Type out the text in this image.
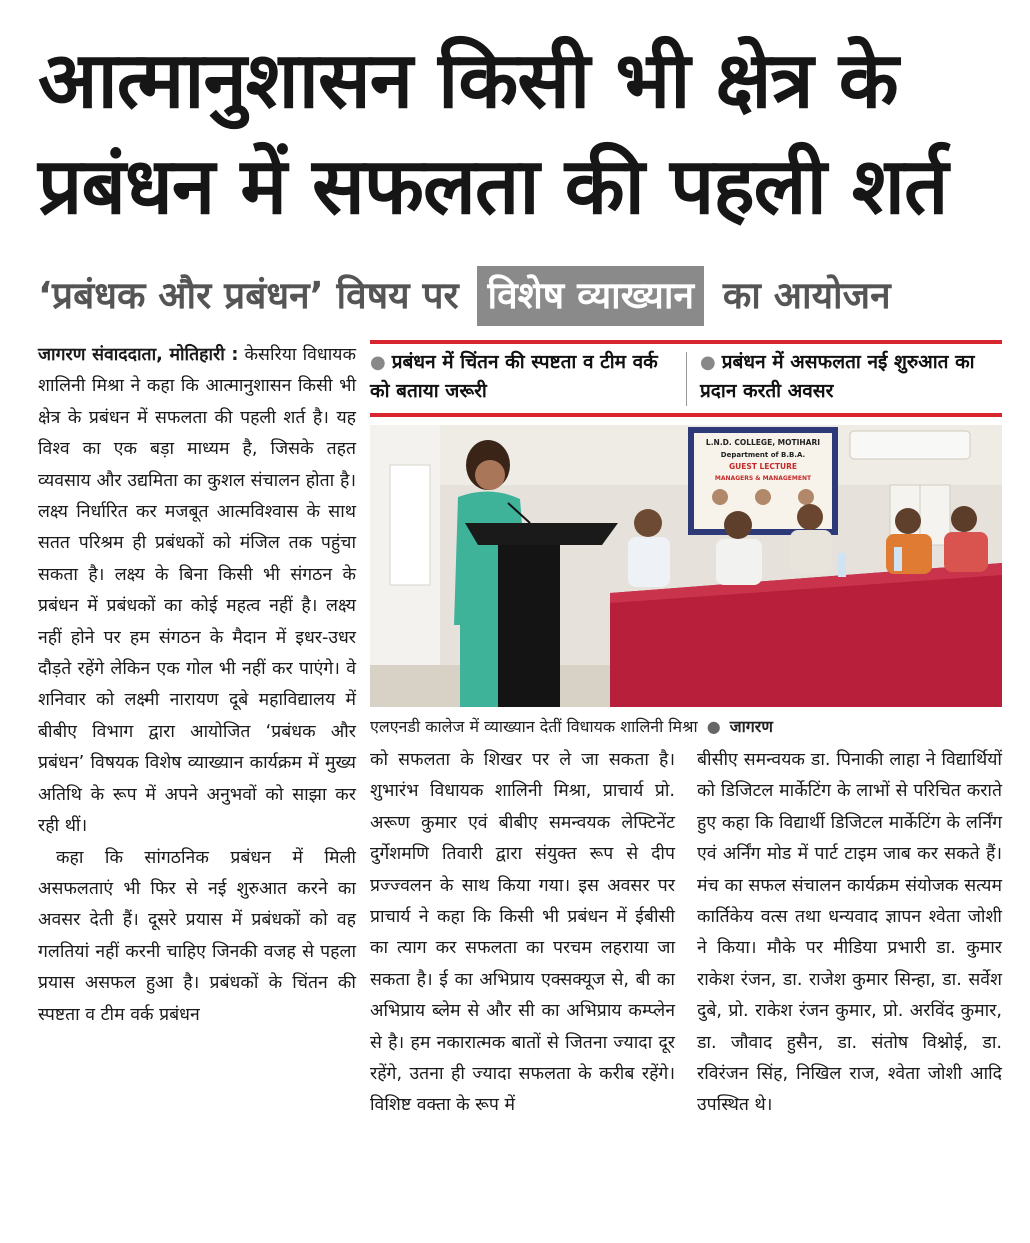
आत्मानुशासन किसी भी क्षेत्र के
प्रबंधन में सफलता की पहली शर्त
‘प्रबंधक और प्रबंधन’ विषय पर विशेष व्याख्यान का आयोजन

जागरण संवाददाता, मोतिहारी : केसरिया विधायक शालिनी मिश्रा ने कहा कि आत्मानुशासन किसी भी क्षेत्र के प्रबंधन में सफलता की पहली शर्त है। यह विश्व का एक बड़ा माध्यम है, जिसके तहत व्यवसाय और उद्यमिता का कुशल संचालन होता है। लक्ष्य निर्धारित कर मजबूत आत्मविश्वास के साथ सतत परिश्रम ही प्रबंधकों को मंजिल तक पहुंचा सकता है। लक्ष्य के बिना किसी भी संगठन के प्रबंधन में प्रबंधकों का कोई महत्व नहीं है। लक्ष्य नहीं होने पर हम संगठन के मैदान में इधर-उधर दौड़ते रहेंगे लेकिन एक गोल भी नहीं कर पाएंगे। वे शनिवार को लक्ष्मी नारायण दूबे महाविद्यालय में बीबीए विभाग द्वारा आयोजित ‘प्रबंधक और प्रबंधन’ विषयक विशेष व्याख्यान कार्यक्रम में मुख्य अतिथि के रूप में अपने अनुभवों को साझा कर रही थीं।

कहा कि सांगठनिक प्रबंधन में मिली असफलताएं भी फिर से नई शुरुआत करने का अवसर देती हैं। दूसरे प्रयास में प्रबंधकों को वह गलतियां नहीं करनी चाहिए जिनकी वजह से पहला प्रयास असफल हुआ है। प्रबंधकों के चिंतन की स्पष्टता व टीम वर्क प्रबंधन

● प्रबंधन में चिंतन की स्पष्टता व टीम वर्क को बताया जरूरी
● प्रबंधन में असफलता नई शुरुआत का प्रदान करती अवसर
L.N.D. COLLEGE, MOTIHARI
Department of B.B.A.
GUEST LECTURE
MANAGERS & MANAGEMENT
एलएनडी कालेज में व्याख्यान देतीं विधायक शालिनी मिश्रा ● जागरण

को सफलता के शिखर पर ले जा सकता है। शुभारंभ विधायक शालिनी मिश्रा, प्राचार्य प्रो. अरूण कुमार एवं बीबीए समन्वयक लेफ्टिनेंट दुर्गेशमणि तिवारी द्वारा संयुक्त रूप से दीप प्रज्ज्वलन के साथ किया गया। इस अवसर पर प्राचार्य ने कहा कि किसी भी प्रबंधन में ईबीसी का त्याग कर सफलता का परचम लहराया जा सकता है। ई का अभिप्राय एक्सक्यूज से, बी का अभिप्राय ब्लेम से और सी का अभिप्राय कम्प्लेन से है। हम नकारात्मक बातों से जितना ज्यादा दूर रहेंगे, उतना ही ज्यादा सफलता के करीब रहेंगे। विशिष्ट वक्ता के रूप में

बीसीए समन्वयक डा. पिनाकी लाहा ने विद्यार्थियों को डिजिटल मार्केटिंग के लाभों से परिचित कराते हुए कहा कि विद्यार्थी डिजिटल मार्केटिंग के लर्निंग एवं अर्निंग मोड में पार्ट टाइम जाब कर सकते हैं। मंच का सफल संचालन कार्यक्रम संयोजक सत्यम कार्तिकेय वत्स तथा धन्यवाद ज्ञापन श्वेता जोशी ने किया। मौके पर मीडिया प्रभारी डा. कुमार राकेश रंजन, डा. राजेश कुमार सिन्हा, डा. सर्वेश दुबे, प्रो. राकेश रंजन कुमार, प्रो. अरविंद कुमार, डा. जौवाद हुसैन, डा. संतोष विश्नोई, डा. रविरंजन सिंह, निखिल राज, श्वेता जोशी आदि उपस्थित थे।
